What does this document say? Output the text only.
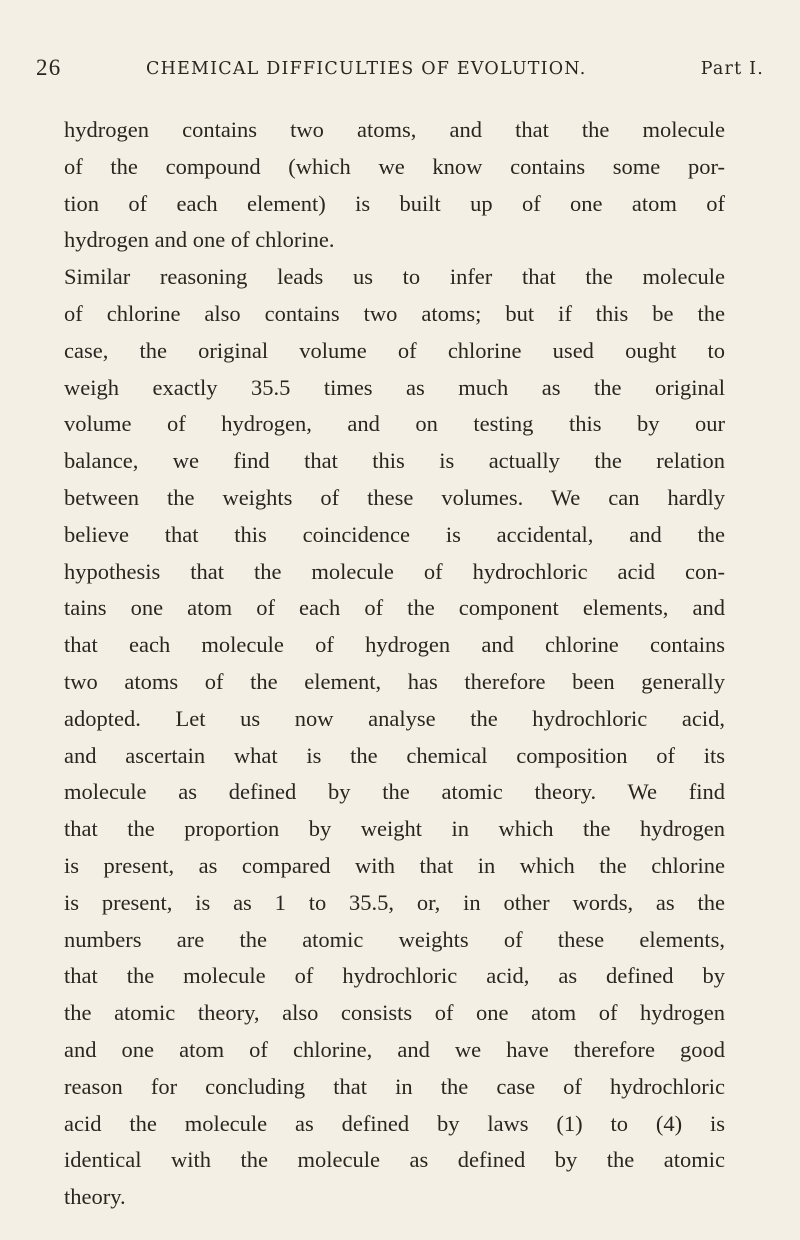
26	CHEMICAL DIFFICULTIES OF EVOLUTION.	Part I.
hydrogen contains two atoms, and that the molecule
of the compound (which we know contains some por-
tion of each element) is built up of one atom of
hydrogen and one of chlorine.
Similar reasoning leads us to infer that the molecule
of chlorine also contains two atoms; but if this be the
case, the original volume of chlorine used ought to
weigh exactly 35.5 times as much as the original
volume of hydrogen, and on testing this by our
balance, we find that this is actually the relation
between the weights of these volumes. We can hardly
believe that this coincidence is accidental, and the
hypothesis that the molecule of hydrochloric acid con-
tains one atom of each of the component elements, and
that each molecule of hydrogen and chlorine contains
two atoms of the element, has therefore been generally
adopted. Let us now analyse the hydrochloric acid,
and ascertain what is the chemical composition of its
molecule as defined by the atomic theory. We find
that the proportion by weight in which the hydrogen
is present, as compared with that in which the chlorine
is present, is as 1 to 35.5, or, in other words, as the
numbers are the atomic weights of these elements,
that the molecule of hydrochloric acid, as defined by
the atomic theory, also consists of one atom of hydrogen
and one atom of chlorine, and we have therefore good
reason for concluding that in the case of hydrochloric
acid the molecule as defined by laws (1) to (4) is
identical with the molecule as defined by the atomic
theory.
